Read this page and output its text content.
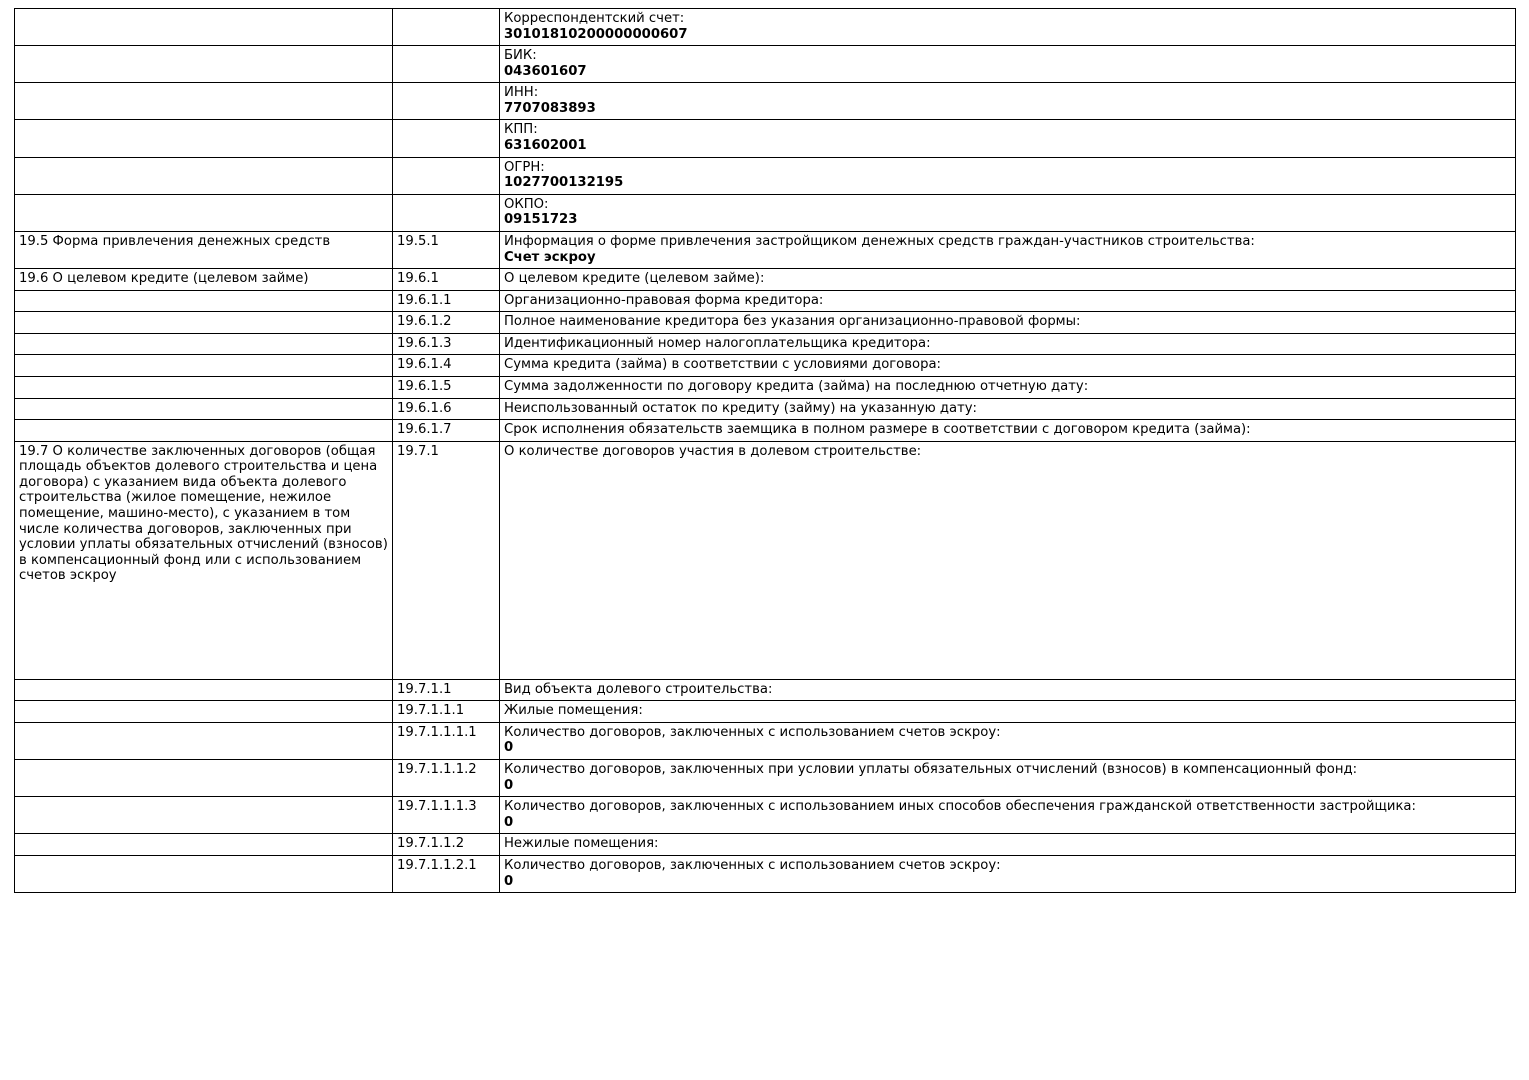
		Корреспондентский счет:
30101810200000000607

		БИК:
043601607

		ИНН:
7707083893

		КПП:
631602001

		ОГРН:
1027700132195

		ОКПО:
09151723

19.5 Форма привлечения денежных средств	19.5.1	Информация о форме привлечения застройщиком денежных средств граждан-участников строительства:
Счет эскроу

19.6 О целевом кредите (целевом займе)	19.6.1	О целевом кредите (целевом займе):

	19.6.1.1	Организационно-правовая форма кредитора:

	19.6.1.2	Полное наименование кредитора без указания организационно-правовой формы:

	19.6.1.3	Идентификационный номер налогоплательщика кредитора:

	19.6.1.4	Сумма кредита (займа) в соответствии с условиями договора:

	19.6.1.5	Сумма задолженности по договору кредита (займа) на последнюю отчетную дату:

	19.6.1.6	Неиспользованный остаток по кредиту (займу) на указанную дату:

	19.6.1.7	Срок исполнения обязательств заемщика в полном размере в соответствии с договором кредита (займа):

19.7 О количестве заключенных договоров (общая площадь объектов долевого строительства и цена договора) с указанием вида объекта долевого строительства (жилое помещение, нежилое помещение, машино-место), с указанием в том числе количества договоров, заключенных при условии уплаты обязательных отчислений (взносов) в компенсационный фонд или с использованием счетов эскроу	19.7.1	О количестве договоров участия в долевом строительстве:

	19.7.1.1	Вид объекта долевого строительства:

	19.7.1.1.1	Жилые помещения:

	19.7.1.1.1.1	Количество договоров, заключенных с использованием счетов эскроу:
0

	19.7.1.1.1.2	Количество договоров, заключенных при условии уплаты обязательных отчислений (взносов) в компенсационный фонд:
0

	19.7.1.1.1.3	Количество договоров, заключенных с использованием иных способов обеспечения гражданской ответственности застройщика:
0

	19.7.1.1.2	Нежилые помещения:

	19.7.1.1.2.1	Количество договоров, заключенных с использованием счетов эскроу:
0
